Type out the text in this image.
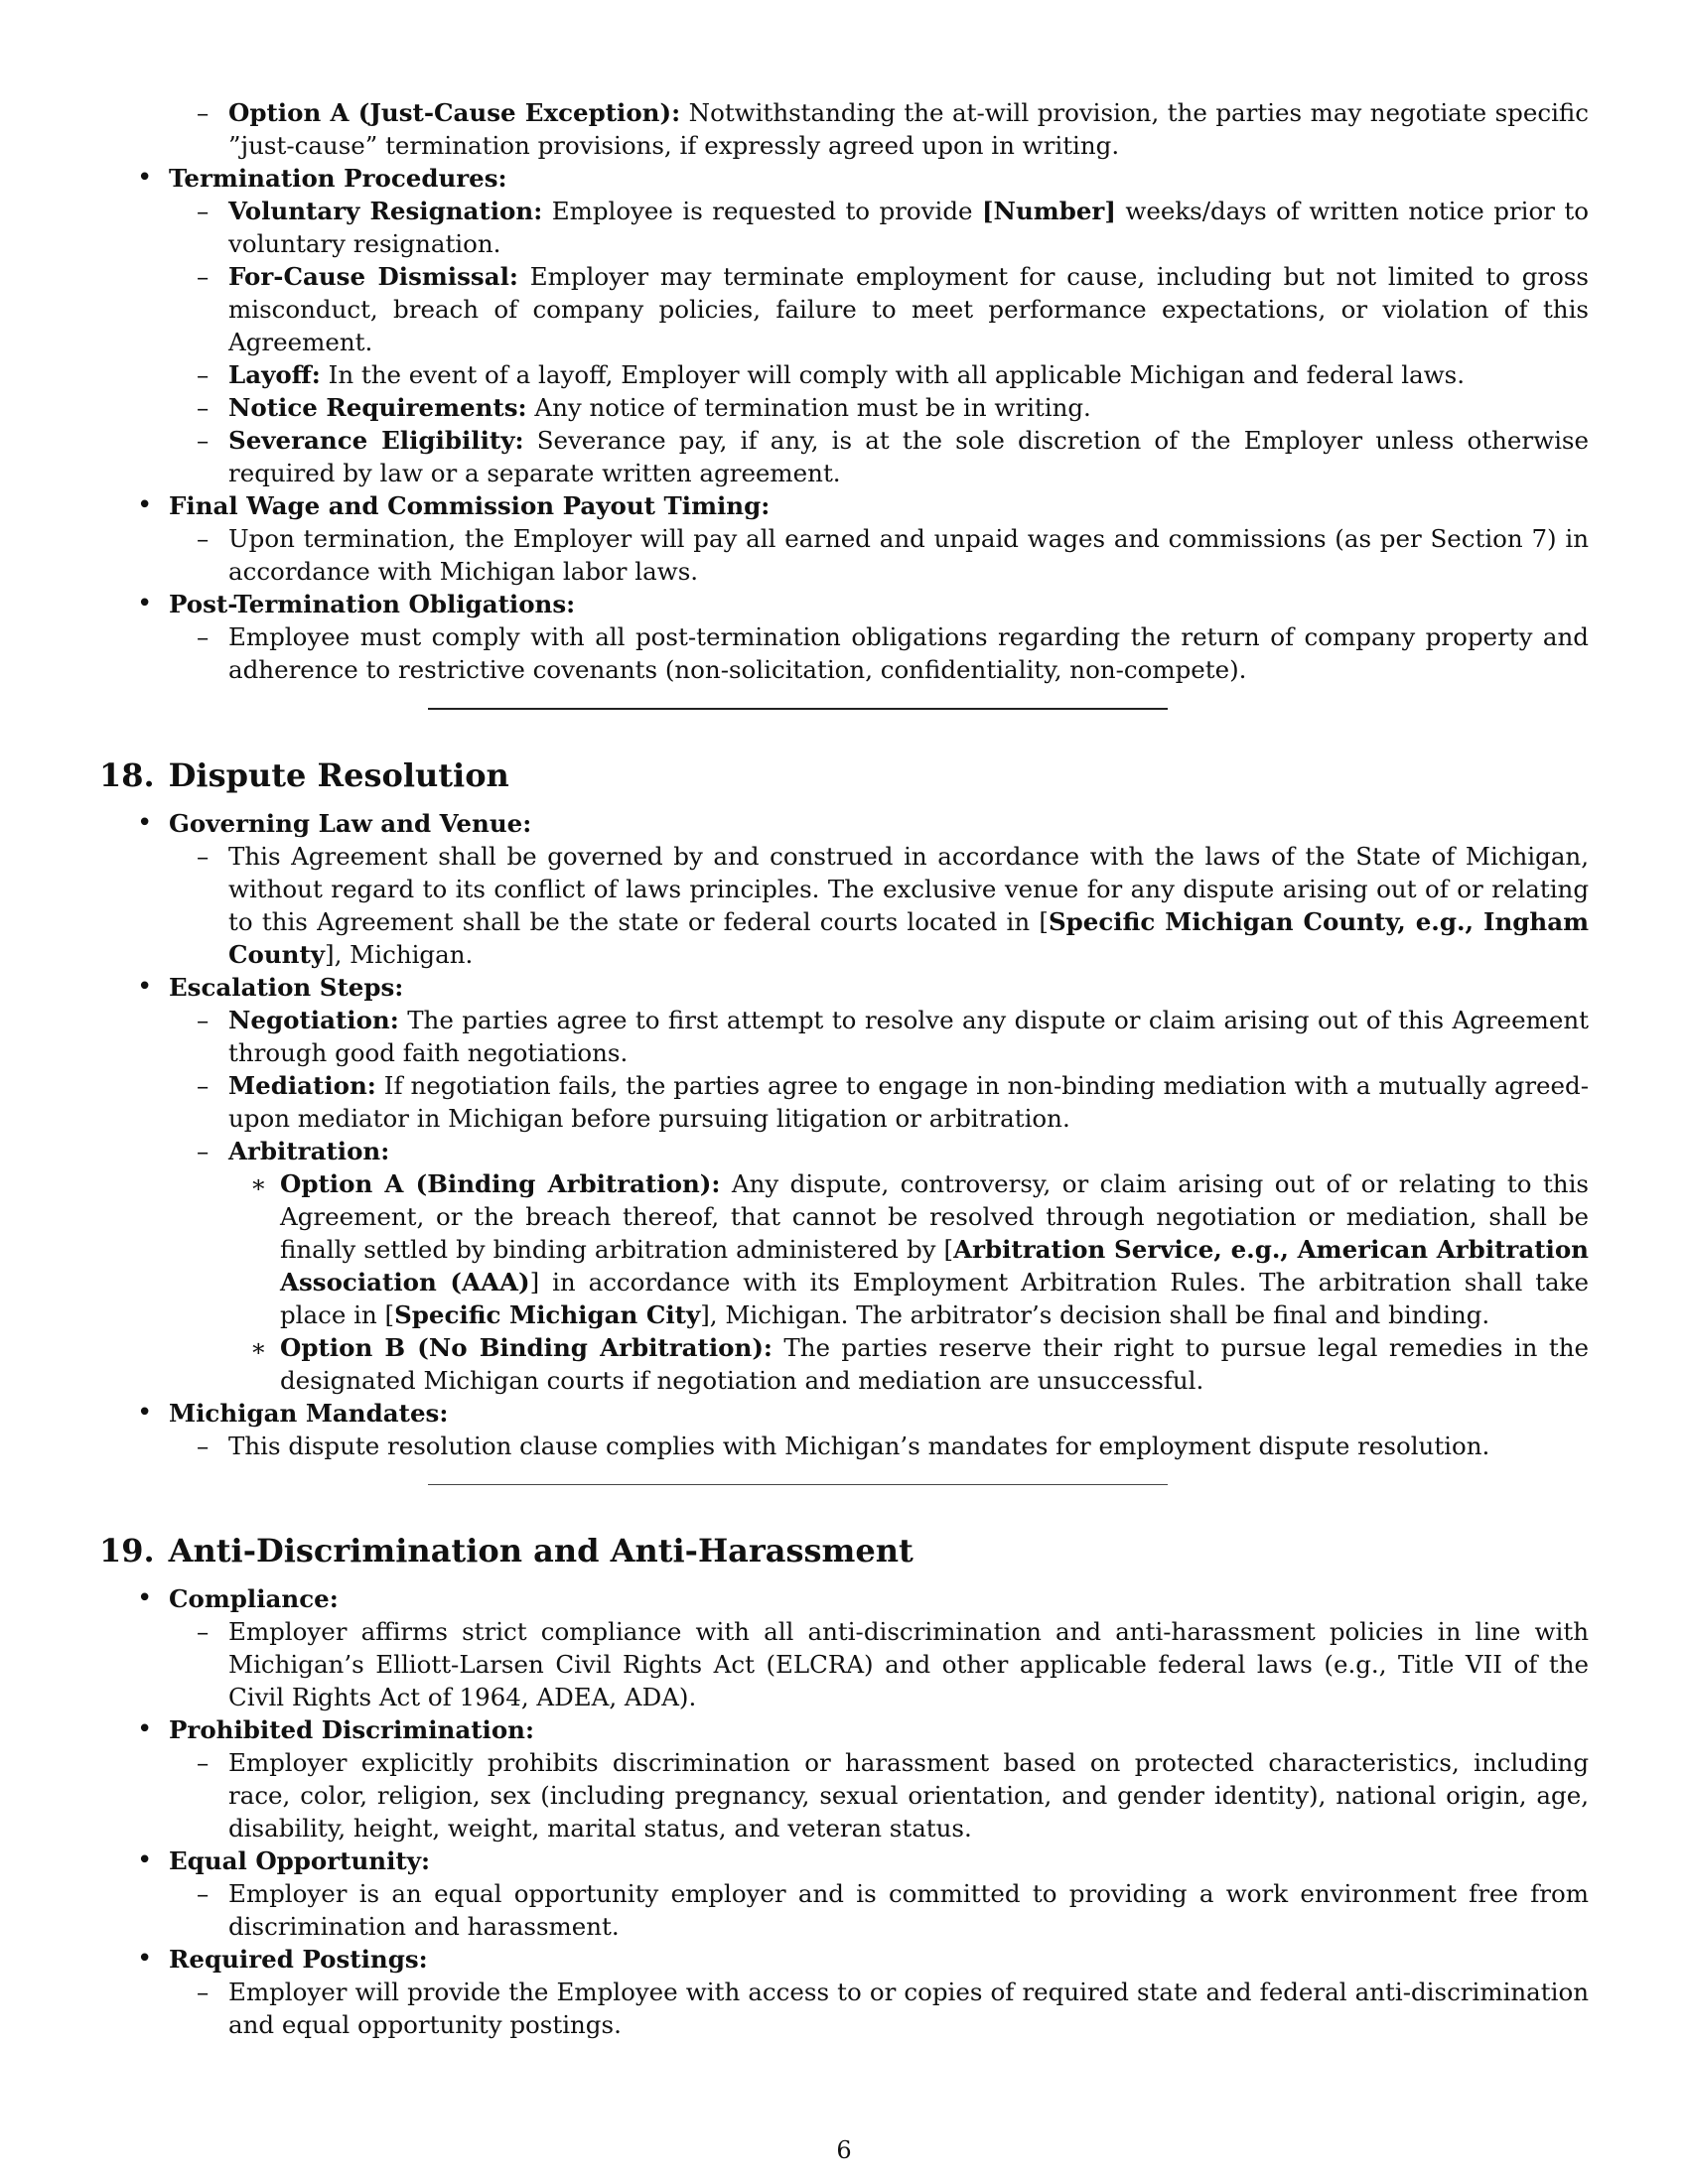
– Option A (Just-Cause Exception): Notwithstanding the at-will provision, the parties may negotiate specific ”just-cause” termination provisions, if expressly agreed upon in writing.
• Termination Procedures:
– Voluntary Resignation: Employee is requested to provide [Number] weeks/days of written notice prior to voluntary resignation.
– For-Cause Dismissal: Employer may terminate employment for cause, including but not limited to gross misconduct, breach of company policies, failure to meet performance expectations, or violation of this Agreement.
– Layoff: In the event of a layoff, Employer will comply with all applicable Michigan and federal laws.
– Notice Requirements: Any notice of termination must be in writing.
– Severance Eligibility: Severance pay, if any, is at the sole discretion of the Employer unless otherwise required by law or a separate written agreement.
• Final Wage and Commission Payout Timing:
– Upon termination, the Employer will pay all earned and unpaid wages and commissions (as per Section 7) in accordance with Michigan labor laws.
• Post-Termination Obligations:
– Employee must comply with all post-termination obligations regarding the return of company property and adherence to restrictive covenants (non-solicitation, confidentiality, non-compete).
18. Dispute Resolution
• Governing Law and Venue:
– This Agreement shall be governed by and construed in accordance with the laws of the State of Michigan, without regard to its conflict of laws principles. The exclusive venue for any dispute arising out of or relating to this Agreement shall be the state or federal courts located in [Specific Michigan County, e.g., Ingham County], Michigan.
• Escalation Steps:
– Negotiation: The parties agree to first attempt to resolve any dispute or claim arising out of this Agreement through good faith negotiations.
– Mediation: If negotiation fails, the parties agree to engage in non-binding mediation with a mutually agreed-upon mediator in Michigan before pursuing litigation or arbitration.
– Arbitration:
∗ Option A (Binding Arbitration): Any dispute, controversy, or claim arising out of or relating to this Agreement, or the breach thereof, that cannot be resolved through negotiation or mediation, shall be finally settled by binding arbitration administered by [Arbitration Service, e.g., American Arbitration Association (AAA)] in accordance with its Employment Arbitration Rules. The arbitration shall take place in [Specific Michigan City], Michigan. The arbitrator’s decision shall be final and binding.
∗ Option B (No Binding Arbitration): The parties reserve their right to pursue legal remedies in the designated Michigan courts if negotiation and mediation are unsuccessful.
• Michigan Mandates:
– This dispute resolution clause complies with Michigan’s mandates for employment dispute resolution.
19. Anti-Discrimination and Anti-Harassment
• Compliance:
– Employer affirms strict compliance with all anti-discrimination and anti-harassment policies in line with Michigan’s Elliott-Larsen Civil Rights Act (ELCRA) and other applicable federal laws (e.g., Title VII of the Civil Rights Act of 1964, ADEA, ADA).
• Prohibited Discrimination:
– Employer explicitly prohibits discrimination or harassment based on protected characteristics, including race, color, religion, sex (including pregnancy, sexual orientation, and gender identity), national origin, age, disability, height, weight, marital status, and veteran status.
• Equal Opportunity:
– Employer is an equal opportunity employer and is committed to providing a work environment free from discrimination and harassment.
• Required Postings:
– Employer will provide the Employee with access to or copies of required state and federal anti-discrimination and equal opportunity postings.
6
